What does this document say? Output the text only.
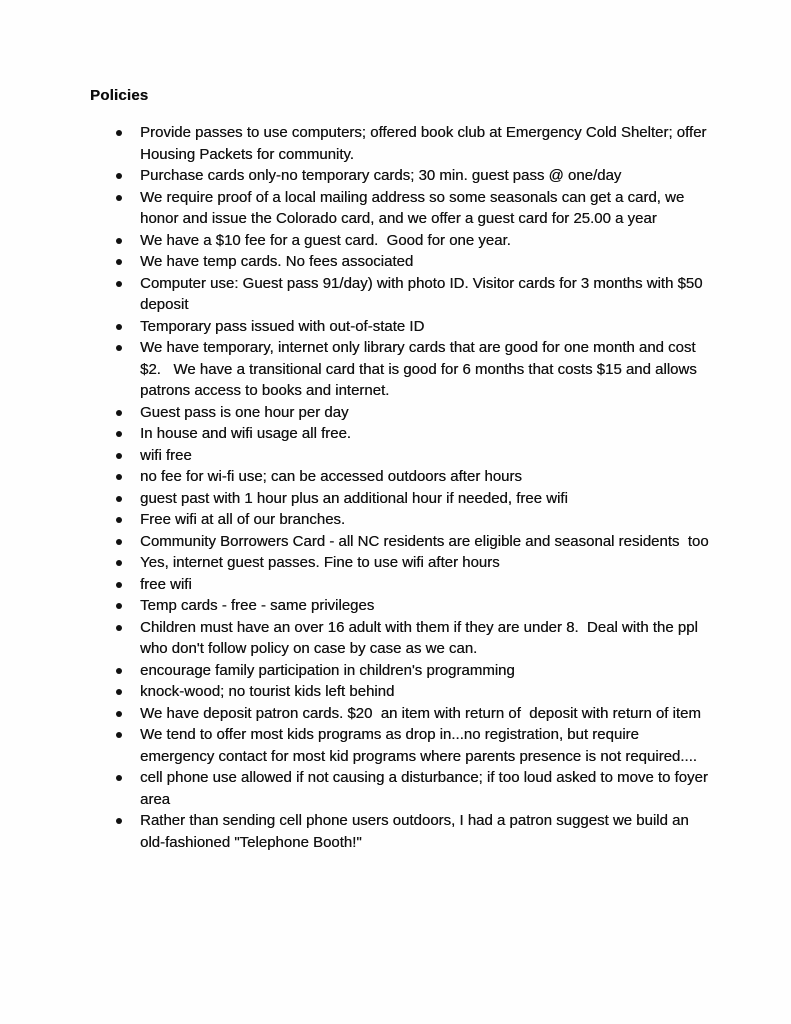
Policies
Provide passes to use computers; offered book club at Emergency Cold Shelter; offer Housing Packets for community.
Purchase cards only-no temporary cards; 30 min. guest pass @ one/day
We require proof of a local mailing address so some seasonals can get a card, we honor and issue the Colorado card, and we offer a guest card for 25.00 a year
We have a $10 fee for a guest card.  Good for one year.
We have temp cards. No fees associated
Computer use: Guest pass 91/day) with photo ID. Visitor cards for 3 months with $50 deposit
Temporary pass issued with out-of-state ID
We have temporary, internet only library cards that are good for one month and cost $2.   We have a transitional card that is good for 6 months that costs $15 and allows patrons access to books and internet.
Guest pass is one hour per day
In house and wifi usage all free.
wifi free
no fee for wi-fi use; can be accessed outdoors after hours
guest past with 1 hour plus an additional hour if needed, free wifi
Free wifi at all of our branches.
Community Borrowers Card - all NC residents are eligible and seasonal residents  too
Yes, internet guest passes. Fine to use wifi after hours
free wifi
Temp cards - free - same privileges
Children must have an over 16 adult with them if they are under 8.  Deal with the ppl who don't follow policy on case by case as we can.
encourage family participation in children's programming
knock-wood; no tourist kids left behind
We have deposit patron cards. $20  an item with return of  deposit with return of item
We tend to offer most kids programs as drop in...no registration, but require emergency contact for most kid programs where parents presence is not required....
cell phone use allowed if not causing a disturbance; if too loud asked to move to foyer area
Rather than sending cell phone users outdoors, I had a patron suggest we build an old-fashioned "Telephone Booth!"
